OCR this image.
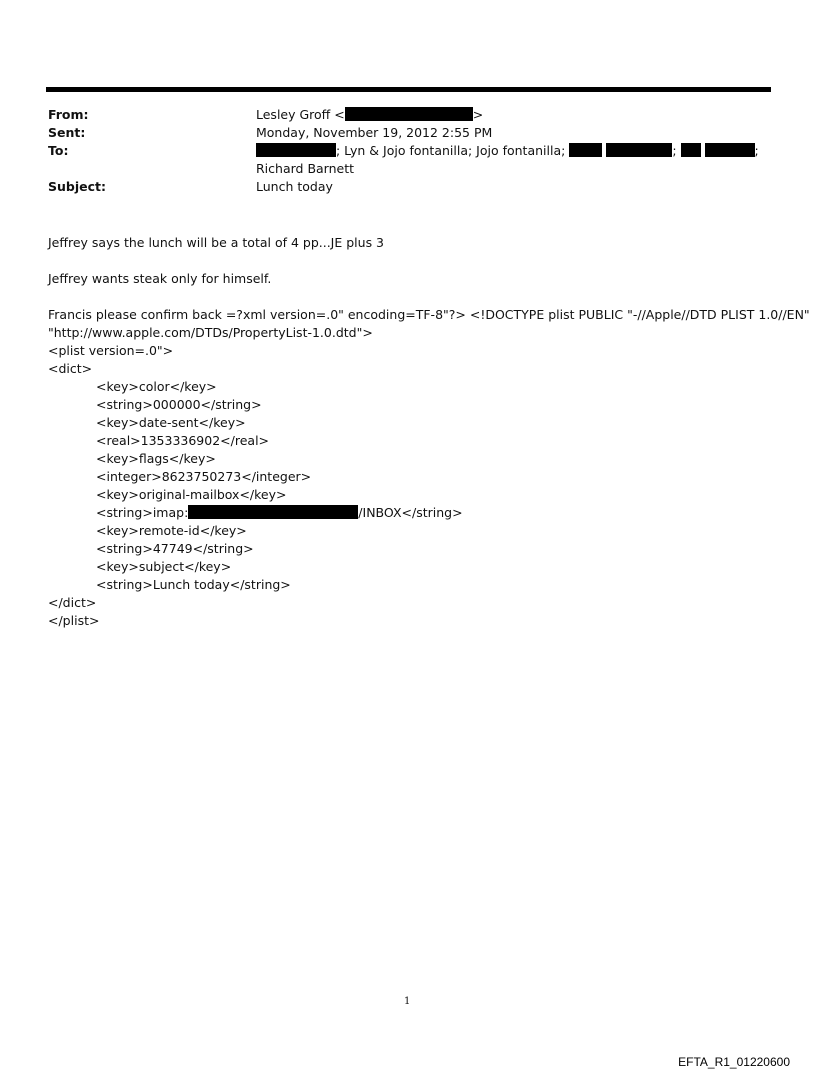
From:	Lesley Groff <	>
Sent:	Monday, November 19, 2012 2:55 PM
To:	; Lyn & Jojo fontanilla; Jojo fontanilla;	;	;
Richard Barnett
Subject:	Lunch today

Jeffrey says the lunch will be a total of 4 pp...JE plus 3

Jeffrey wants steak only for himself.

Francis please confirm back =?xml version=.0" encoding=TF-8"?> <!DOCTYPE plist PUBLIC "-//Apple//DTD PLIST 1.0//EN"
"http://www.apple.com/DTDs/PropertyList-1.0.dtd">
<plist version=.0">
<dict>
<key>color</key>
<string>000000</string>
<key>date-sent</key>
<real>1353336902</real>
<key>flags</key>
<integer>8623750273</integer>
<key>original-mailbox</key>
<string>imap:	/INBOX</string>
<key>remote-id</key>
<string>47749</string>
<key>subject</key>
<string>Lunch today</string>
</dict>
</plist>
1
EFTA_R1_01220600
